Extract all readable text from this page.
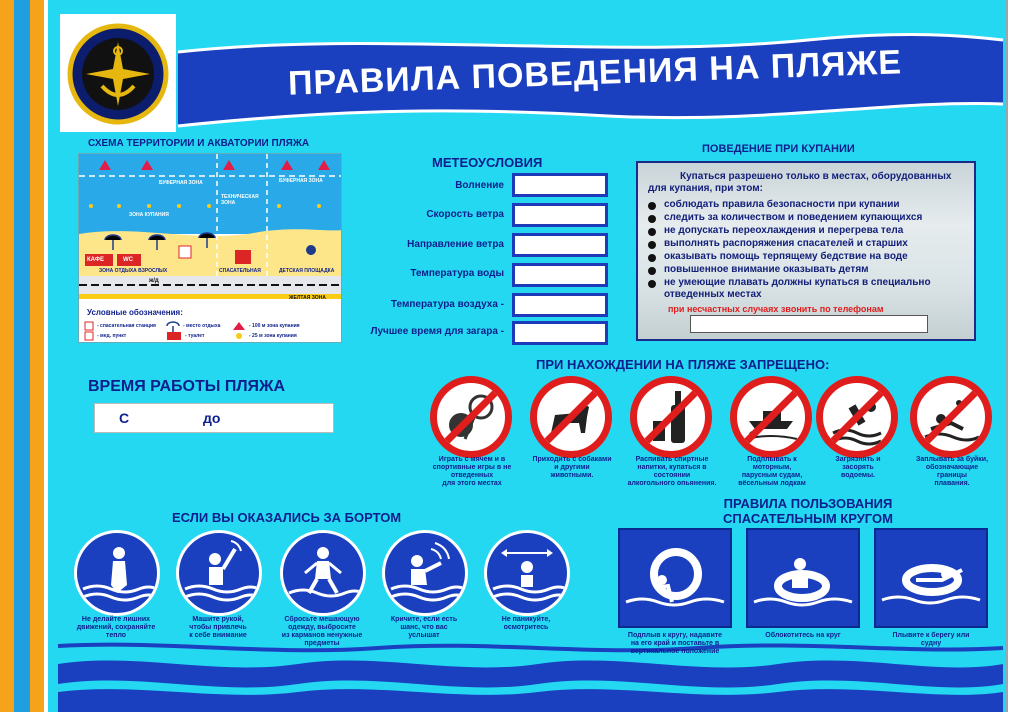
ПРАВИЛА ПОВЕДЕНИЯ НА ПЛЯЖЕ
СХЕМА ТЕРРИТОРИИ И АКВАТОРИИ ПЛЯЖА
БУФЕРНАЯ ЗОНА	БУФЕРНАЯ ЗОНА
ТЕХНИЧЕСКАЯ ЗОНА
ЗОНА КУПАНИЯ
КАФЕ	WC
ЗОНА ОТДЫХА ВЗРОСЛЫХ	СПАСАТЕЛЬНАЯ	ДЕТСКАЯ ПЛОЩАДКА
ж/д
ЖЕЛТАЯ ЗОНА
Условные обозначения:
- спасательная станция	- место отдыха	- 100 м зона купания
- мед. пункт	- туалет	- 25 м зона купания
МЕТЕОУСЛОВИЯ
Волнение
Скорость ветра
Направление ветра
Температура воды
Температура воздуха -
Лучшее время для загара -
ПОВЕДЕНИЕ ПРИ КУПАНИИ
Купаться разрешено только в местах, оборудованных
для купания, при этом:
соблюдать правила безопасности при купании
следить за количеством и поведением купающихся
не допускать переохлаждения и перегрева тела
выполнять распоряжения спасателей и старших
оказывать помощь терпящему бедствие на воде
повышенное внимание оказывать детям
не умеющие плавать должны купаться в специально
отведенных местах
при несчастных случаях звонить по телефонам
ВРЕМЯ РАБОТЫ ПЛЯЖА
С	до
ПРИ НАХОЖДЕНИИ НА ПЛЯЖЕ ЗАПРЕЩЕНО:
Играть с мячем и в
спортивные игры в не
отведенных
для этого местах
Приходить с собаками
и другими
животными.
Распивать спиртные
напитки, купаться в
состоянии
алкогольного опьянения.
Подплывать к
моторным,
парусным судам,
вёсельным лодкам
Загрязнять и
засорять
водоемы.
Заплывать за буйки,
обозначающие
границы
плавания.
ЕСЛИ ВЫ ОКАЗАЛИСЬ ЗА БОРТОМ
Не делайте лишних
движений, сохраняйте
тепло
Машите рукой,
чтобы привлечь
к себе внимание
Сбросьте мешающую
одежду, выбросите
из карманов ненужные
предметы
Кричите, если есть
шанс, что вас
услышат
Не паникуйте,
осмотритесь
ПРАВИЛА ПОЛЬЗОВАНИЯ
СПАСАТЕЛЬНЫМ КРУГОМ
Подплыв к кругу, надавите
на его край и поставьте в
вертикальное положение
Облокотитесь на круг	Плывите к берегу или
судну
